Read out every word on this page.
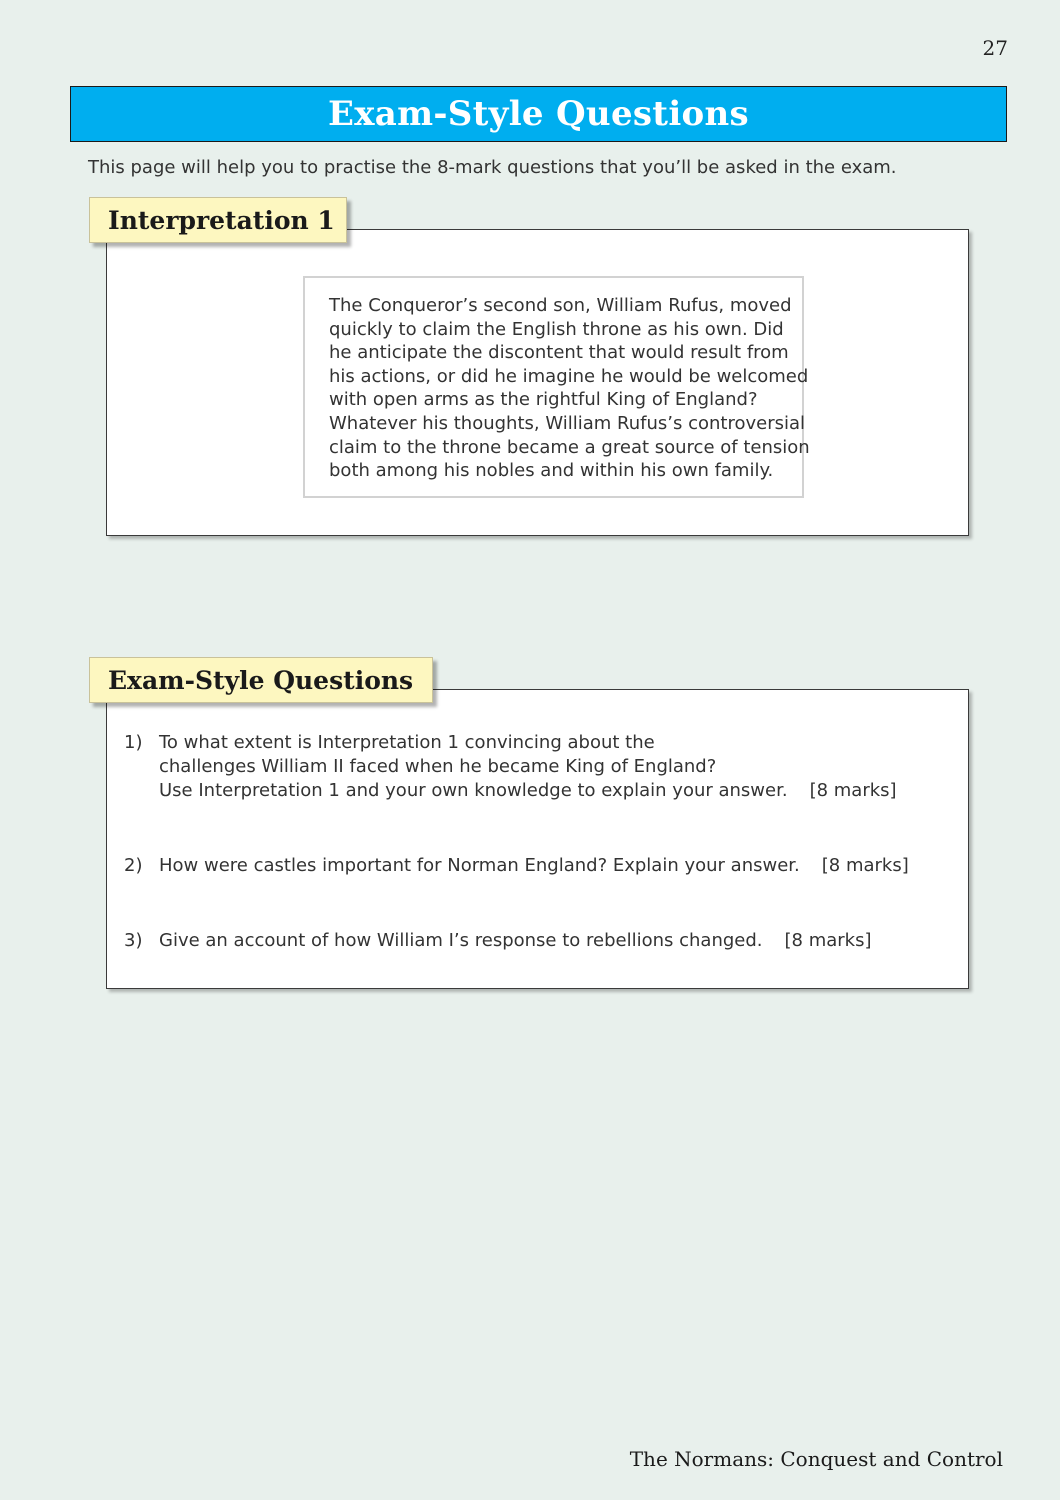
27
Exam-Style Questions
This page will help you to practise the 8-mark questions that you’ll be asked in the exam.
Interpretation 1
The Conqueror’s second son, William Rufus, moved
quickly to claim the English throne as his own. Did
he anticipate the discontent that would result from
his actions, or did he imagine he would be welcomed
with open arms as the rightful King of England?
Whatever his thoughts, William Rufus’s controversial
claim to the throne became a great source of tension
both among his nobles and within his own family.
Exam-Style Questions
1) To what extent is Interpretation 1 convincing about the
challenges William II faced when he became King of England?
Use Interpretation 1 and your own knowledge to explain your answer. [8 marks]
2) How were castles important for Norman England? Explain your answer. [8 marks]
3) Give an account of how William I’s response to rebellions changed. [8 marks]
The Normans: Conquest and Control
